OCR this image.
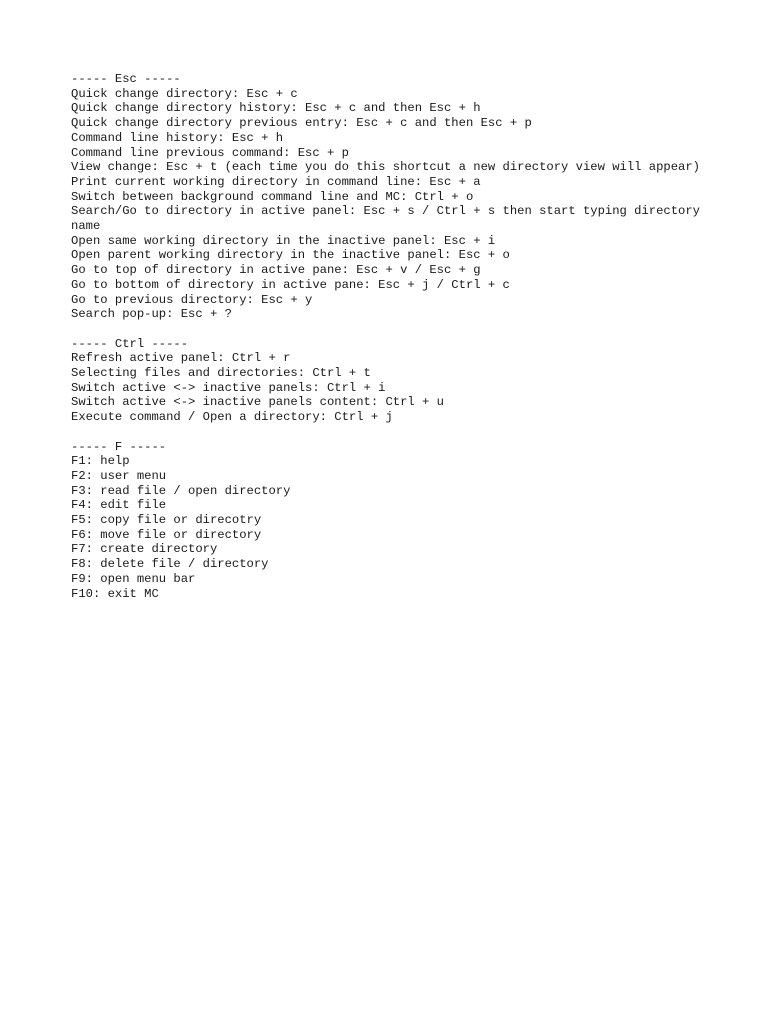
----- Esc -----
Quick change directory: Esc + c
Quick change directory history: Esc + c and then Esc + h
Quick change directory previous entry: Esc + c and then Esc + p
Command line history: Esc + h
Command line previous command: Esc + p
View change: Esc + t (each time you do this shortcut a new directory view will appear)
Print current working directory in command line: Esc + a
Switch between background command line and MC: Ctrl + o
Search/Go to directory in active panel: Esc + s / Ctrl + s then start typing directory name
Open same working directory in the inactive panel: Esc + i
Open parent working directory in the inactive panel: Esc + o
Go to top of directory in active pane: Esc + v / Esc + g
Go to bottom of directory in active pane: Esc + j / Ctrl + c
Go to previous directory: Esc + y
Search pop-up: Esc + ?
----- Ctrl -----
Refresh active panel: Ctrl + r
Selecting files and directories: Ctrl + t
Switch active <-> inactive panels: Ctrl + i
Switch active <-> inactive panels content: Ctrl + u
Execute command / Open a directory: Ctrl + j
----- F -----
F1: help
F2: user menu
F3: read file / open directory
F4: edit file
F5: copy file or direcotry
F6: move file or directory
F7: create directory
F8: delete file / directory
F9: open menu bar
F10: exit MC
